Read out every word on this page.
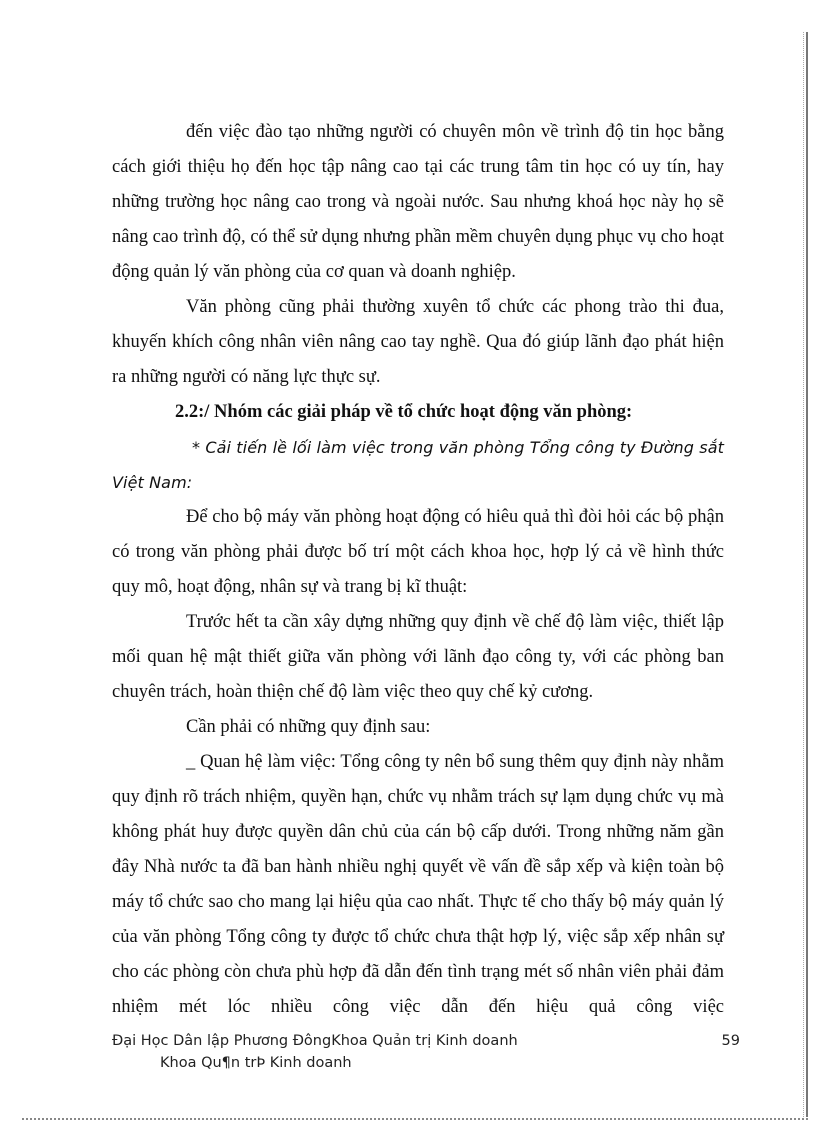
đến việc đào tạo những người có chuyên môn về trình độ tin học bằng cách giới thiệu họ đến học tập nâng cao tại các trung tâm tin học có uy tín, hay những trường học nâng cao trong và ngoài nước. Sau nhưng khoá học này họ sẽ nâng cao trình độ, có thể sử dụng nhưng phần mềm chuyên dụng phục vụ cho hoạt động quản lý văn phòng của cơ quan và doanh nghiệp.

Văn phòng cũng phải thường xuyên tổ chức các phong trào thi đua, khuyến khích công nhân viên nâng cao tay nghề. Qua đó giúp lãnh đạo phát hiện ra những người có năng lực thực sự.

2.2:/ Nhóm các giải pháp về tổ chức hoạt động văn phòng:

* Cải tiến lề lối làm việc trong văn phòng Tổng công ty Đường sắt Việt Nam:

Để cho bộ máy văn phòng hoạt động có hiêu quả thì đòi hỏi các bộ phận có trong văn phòng phải được bố trí một cách khoa học, hợp lý cả về hình thức quy mô, hoạt động, nhân sự và trang bị kĩ thuật:

Trước hết ta cần xây dựng những quy định về chế độ làm việc, thiết lập mối quan hệ mật thiết giữa văn phòng với lãnh đạo công ty, với các phòng ban chuyên trách, hoàn thiện chế độ làm việc theo quy chế kỷ cương.

Cần phải có những quy định sau:

_ Quan hệ làm việc: Tổng công ty nên bổ sung thêm quy định này nhằm quy định rõ trách nhiệm, quyền hạn, chức vụ nhằm trách sự lạm dụng chức vụ mà không phát huy được quyền dân chủ của cán bộ cấp dưới. Trong những năm gần đây Nhà nước ta đã ban hành nhiều nghị quyết về vấn đề sắp xếp và kiện toàn bộ máy tổ chức sao cho mang lại hiệu qủa cao nhất. Thực tế cho thấy bộ máy quản lý của văn phòng Tổng công ty được tổ chức chưa thật hợp lý, việc sắp xếp nhân sự cho các phòng còn chưa phù hợp đã dẫn đến tình trạng mét số nhân viên phải đảm nhiệm mét lóc nhiều công việc dẫn đến hiệu quả công việc

Đại Học Dân lập Phương ĐôngKhoa Quản trị Kinh doanh	59
Khoa Qu¶n trÞ Kinh doanh
